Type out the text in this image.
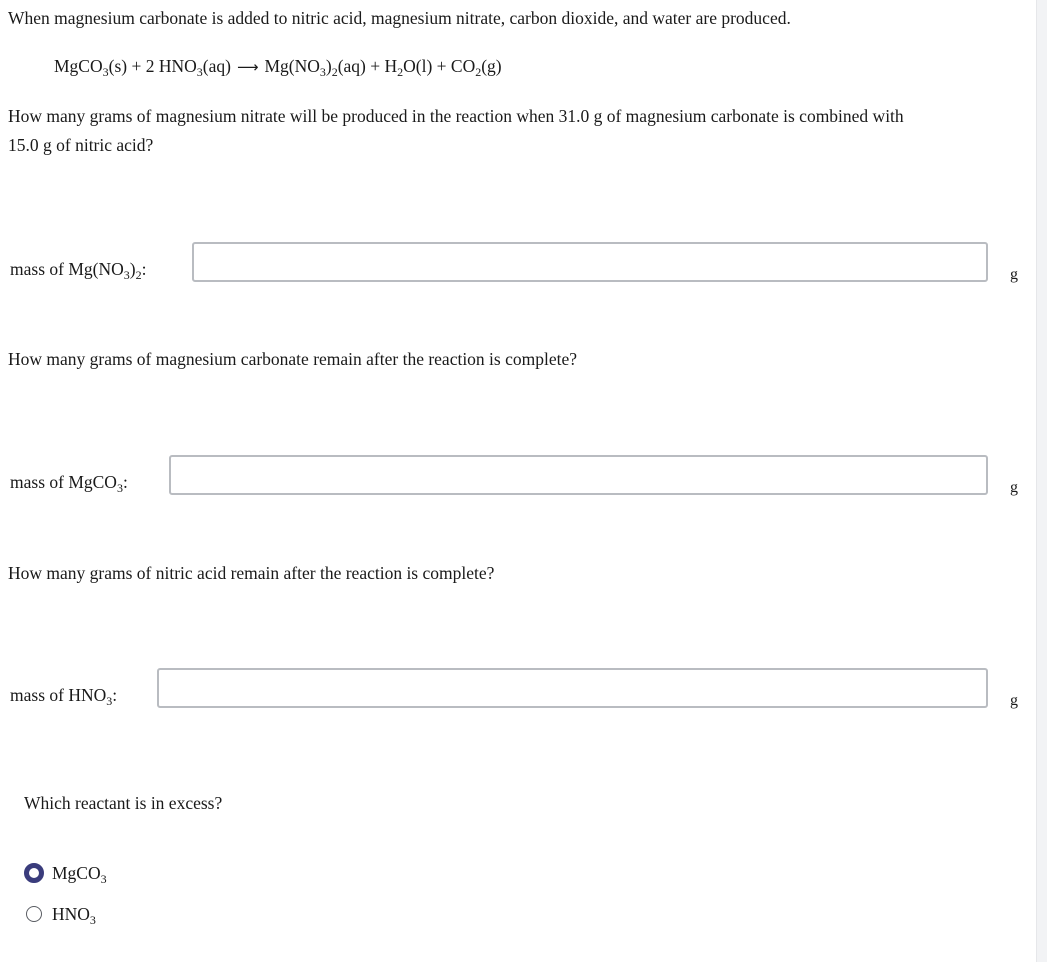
When magnesium carbonate is added to nitric acid, magnesium nitrate, carbon dioxide, and water are produced.
MgCO$_3$(s) + 2 $HNO_3(aq)$ ⟶ $Mg(NO_3)_2(aq) + H_2O(l) + CO_2(g)$
How many grams of magnesium nitrate will be produced in the reaction when 31.0 g of magnesium carbonate is combined with
15.0 g of nitric acid?
mass of $Mg(NO_3)_2$:	g
How many grams of magnesium carbonate remain after the reaction is complete?
mass of MgCO$_3$:	g
How many grams of nitric acid remain after the reaction is complete?
mass of $HNO_3$:	g
Which reactant is in excess?
MgCO$_3$
$HNO_3$
